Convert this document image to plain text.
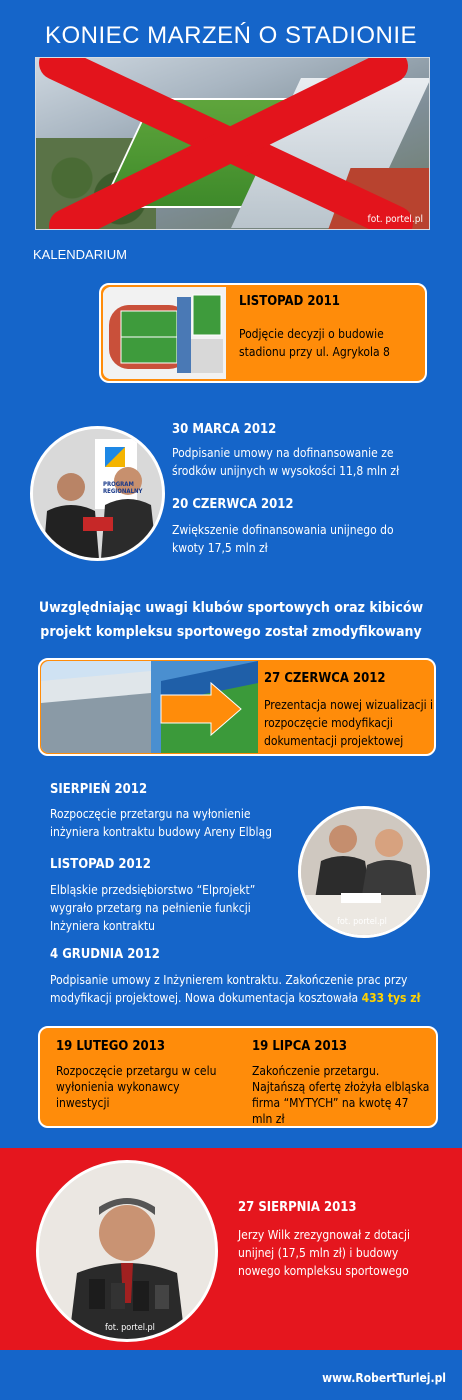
KONIEC MARZEŃ O STADIONIE
fot. portel.pl
KALENDARIUM
LISTOPAD 2011
Podjęcie decyzji o budowie stadionu przy ul. Agrykola 8
PROGRAM REGIONALNY
30 MARCA 2012
Podpisanie umowy na dofinansowanie ze środków unijnych w wysokości 11,8 mln zł
20 CZERWCA 2012
Zwiększenie dofinansowania unijnego do kwoty 17,5 mln zł
Uwzględniając uwagi klubów sportowych oraz kibiców projekt kompleksu sportowego został zmodyfikowany
27 CZERWCA 2012
Prezentacja nowej wizualizacji i rozpoczęcie modyfikacji dokumentacji projektowej
SIERPIEŃ 2012
Rozpoczęcie przetargu na wyłonienie inżyniera kontraktu budowy Areny Elbląg
LISTOPAD 2012
Elbląskie przedsiębiorstwo “Elprojekt” wygrało przetarg na pełnienie funkcji Inżyniera kontraktu	fot. portel.pl
4 GRUDNIA 2012
Podpisanie umowy z Inżynierem kontraktu. Zakończenie prac przy modyfikacji projektowej. Nowa dokumentacja kosztowała 433 tys zł
19 LUTEGO 2013
Rozpoczęcie przetargu w celu wyłonienia wykonawcy inwestycji
19 LIPCA 2013
Zakończenie przetargu. Najtańszą ofertę złożyła elbląska firma “MYTYCH” na kwotę 47 mln zł
fot. portel.pl
27 SIERPNIA 2013
Jerzy Wilk zrezygnował z dotacji unijnej (17,5 mln zł) i budowy nowego kompleksu sportowego
www.RobertTurlej.pl
